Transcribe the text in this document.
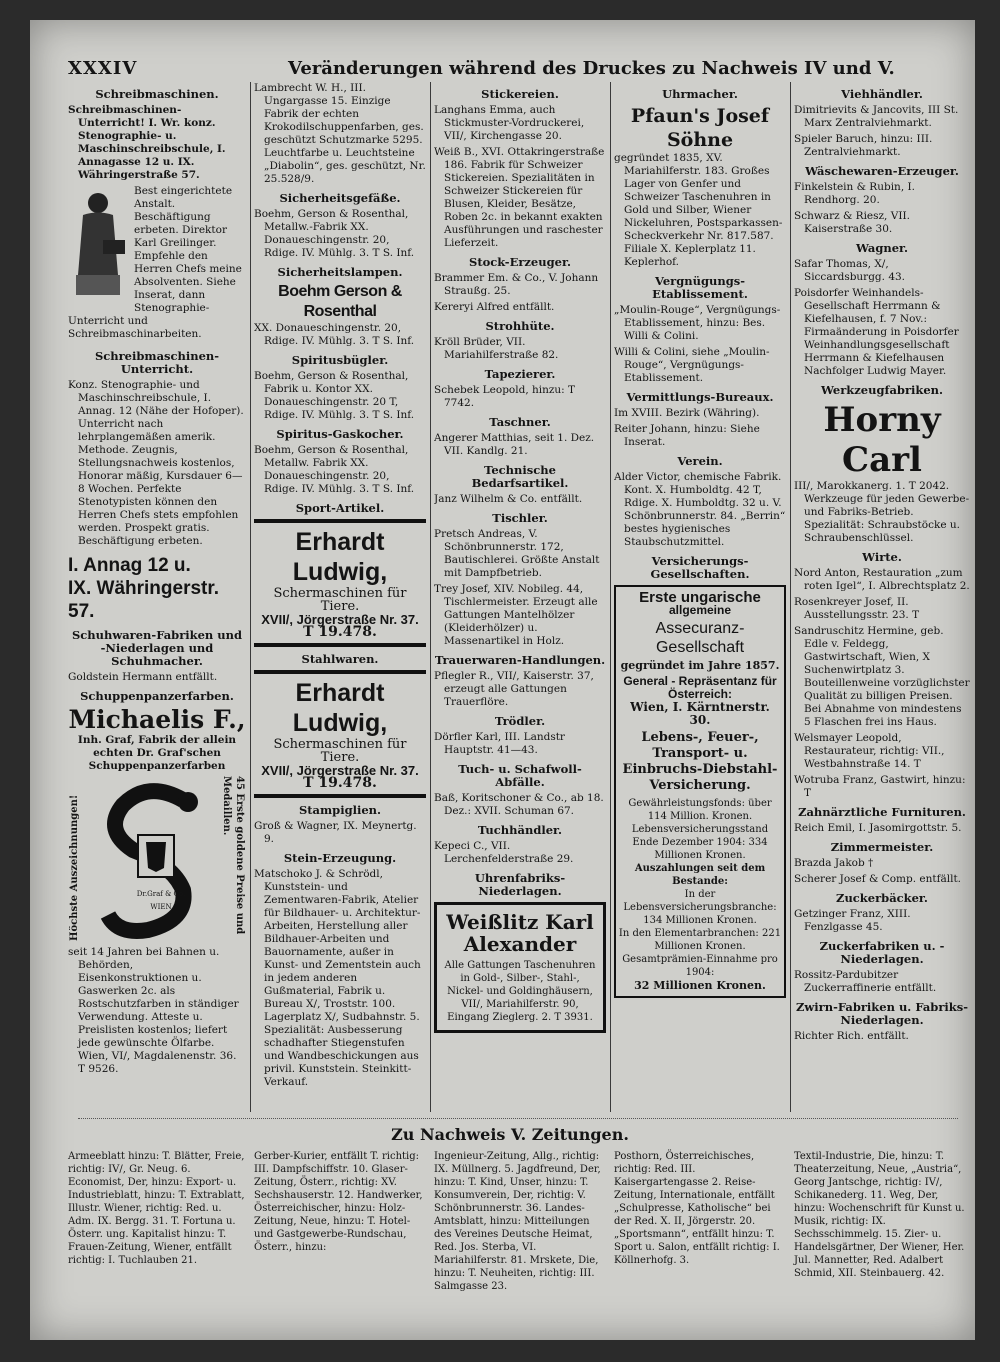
XXXIV	Veränderungen während des Druckes zu Nachweis IV und V.
Schreibmaschinen.
Schreibmaschinen-Unterricht! I. Wr. konz. Stenographie- u. Maschinschreibschule, I. Annagasse 12 u. IX. Währingerstraße 57.
Best eingerichtete Anstalt. Beschäftigung erbeten. Direktor Karl Greilinger. Empfehle den Herren Chefs meine Absolventen. Siehe Inserat, dann Stenographie-Unterricht und Schreibmaschinarbeiten.
Schreibmaschinen-Unterricht.
Konz. Stenographie- und Maschinschreibschule, I. Annag. 12 (Nähe der Hofoper). Unterricht nach lehrplangemäßen amerik. Methode. Zeugnis, Stellungsnachweis kostenlos, Honorar mäßig, Kursdauer 6—8 Wochen. Perfekte Stenotypisten können den Herren Chefs stets empfohlen werden. Prospekt gratis. Beschäftigung erbeten.
I. Annag 12 u.
IX. Währingerstr. 57.
Schuhwaren-Fabriken und -Niederlagen und Schuhmacher.
Goldstein Hermann entfällt.
Schuppenpanzerfarben.
Michaelis F.,
Inh. Graf, Fabrik der allein echten Dr. Graf'schen Schuppenpanzerfarben
Höchste Auszeichnungen!	45 Erste goldene Preise und Medaillen.
Dr.Graf & Co. WIEN
seit 14 Jahren bei Bahnen u. Behörden, Eisenkonstruktionen u. Gaswerken 2c. als Rostschutzfarben in ständiger Verwendung. Atteste u. Preislisten kostenlos; liefert jede gewünschte Ölfarbe. Wien, VI/, Magdalenenstr. 36. T 9526.
Lambrecht W. H., III. Ungargasse 15. Einzige Fabrik der echten Krokodilschuppenfarben, ges. geschützt Schutzmarke 5295. Leuchtfarbe u. Leuchtsteine „Diabolin“, ges. geschützt, Nr. 25.528/9.
Sicherheitsgefäße.
Boehm, Gerson & Rosenthal, Metallw.-Fabrik XX. Donaueschingenstr. 20, Rdige. IV. Mühlg. 3. T S. Inf.
Sicherheitslampen.
Boehm Gerson & Rosenthal
XX. Donaueschingenstr. 20, Rdige. IV. Mühlg. 3. T S. Inf.
Spiritusbügler.
Boehm, Gerson & Rosenthal, Fabrik u. Kontor XX. Donaueschingenstr. 20 T, Rdige. IV. Mühlg. 3. T S. Inf.
Spiritus-Gaskocher.
Boehm, Gerson & Rosenthal, Metallw. Fabrik XX. Donaueschingenstr. 20, Rdige. IV. Mühlg. 3. T S. Inf.
Sport-Artikel.
Erhardt Ludwig,
Schermaschinen für Tiere.
XVII/, Jörgerstraße Nr. 37.
T 19.478.
Stahlwaren.
Erhardt Ludwig,
Schermaschinen für Tiere.
XVII/, Jörgerstraße Nr. 37.
T 19.478.
Stampiglien.
Groß & Wagner, IX. Meynertg. 9.
Stein-Erzeugung.
Matschoko J. & Schrödl, Kunststein- und Zementwaren-Fabrik, Atelier für Bildhauer- u. Architektur-Arbeiten, Herstellung aller Bildhauer-Arbeiten und Bauornamente, außer in Kunst- und Zementstein auch in jedem anderen Gußmaterial, Fabrik u. Bureau X/, Troststr. 100. Lagerplatz X/, Sudbahnstr. 5. Spezialität: Ausbesserung schadhafter Stiegenstufen und Wandbeschickungen aus privil. Kunststein. Steinkitt-Verkauf.
Stickereien.
Langhans Emma, auch Stickmuster-Vordruckerei, VII/, Kirchengasse 20.
Weiß B., XVI. Ottakringerstraße 186. Fabrik für Schweizer Stickereien. Spezialitäten in Schweizer Stickereien für Blusen, Kleider, Besätze, Roben 2c. in bekannt exakten Ausführungen und raschester Lieferzeit.
Stock-Erzeuger.
Brammer Em. & Co., V. Johann Straußg. 25.
Kereryi Alfred entfällt.
Strohhüte.
Kröll Brüder, VII. Mariahilferstraße 82.
Tapezierer.
Schebek Leopold, hinzu: T 7742.
Taschner.
Angerer Matthias, seit 1. Dez. VII. Kandlg. 21.
Technische Bedarfsartikel.
Janz Wilhelm & Co. entfällt.
Tischler.
Pretsch Andreas, V. Schönbrunnerstr. 172, Bautischlerei. Größte Anstalt mit Dampfbetrieb.
Trey Josef, XIV. Nobileg. 44, Tischlermeister. Erzeugt alle Gattungen Mantelhölzer (Kleiderhölzer) u. Massenartikel in Holz.
Trauerwaren-Handlungen.
Pflegler R., VII/, Kaiserstr. 37, erzeugt alle Gattungen Trauerflöre.
Trödler.
Dörfler Karl, III. Landstr Hauptstr. 41—43.
Tuch- u. Schafwoll-Abfälle.
Baß, Koritschoner & Co., ab 18. Dez.: XVII. Schuman 67.
Tuchhändler.
Kepeci C., VII. Lerchenfelderstraße 29.
Uhrenfabriks-Niederlagen.
Weißlitz Karl Alexander
Alle Gattungen Taschenuhren in Gold-, Silber-, Stahl-, Nickel- und Goldinghäusern, VII/, Mariahilferstr. 90, Eingang Zieglerg. 2. T 3931.
Uhrmacher.
Pfaun's Josef Söhne
gegründet 1835, XV. Mariahilferstr. 183. Großes Lager von Genfer und Schweizer Taschenuhren in Gold und Silber, Wiener Nickeluhren, Postsparkassen-Scheckverkehr Nr. 817.587. Filiale X. Keplerplatz 11. Keplerhof.
Vergnügungs-Etablissement.
„Moulin-Rouge“, Vergnügungs-Etablissement, hinzu: Bes. Willi & Colini.
Willi & Colini, siehe „Moulin-Rouge“, Vergnügungs-Etablissement.
Vermittlungs-Bureaux.
Im XVIII. Bezirk (Währing).
Reiter Johann, hinzu: Siehe Inserat.
Verein.
Alder Victor, chemische Fabrik. Kont. X. Humboldtg. 42 T, Rdige. X. Humboldtg. 32 u. V. Schönbrunnerstr. 84. „Berrin“ bestes hygienisches Staubschutzmittel.
Versicherungs-Gesellschaften.
Erste ungarische
allgemeine
Assecuranz-Gesellschaft
gegründet im Jahre 1857.
General - Repräsentanz für Österreich:
Wien, I. Kärntnerstr. 30.
Lebens-, Feuer-, Transport- u. Einbruchs-Diebstahl-Versicherung.
Gewährleistungsfonds: über 114 Million. Kronen.
Lebensversicherungsstand Ende Dezember 1904: 334 Millionen Kronen.
Auszahlungen seit dem Bestande:
In der Lebensversicherungsbranche: 134 Millionen Kronen.
In den Elementarbranchen: 221 Millionen Kronen.
Gesamtprämien-Einnahme pro 1904:
32 Millionen Kronen.
Viehhändler.
Dimitrievits & Jancovits, III St. Marx Zentralviehmarkt.
Spieler Baruch, hinzu: III. Zentralviehmarkt.
Wäschewaren-Erzeuger.
Finkelstein & Rubin, I. Rendhorg. 20.
Schwarz & Riesz, VII. Kaiserstraße 30.
Wagner.
Safar Thomas, X/, Siccardsburgg. 43.
Poisdorfer Weinhandels-Gesellschaft Herrmann & Kiefelhausen, f. 7 Nov.: Firmaänderung in Poisdorfer Weinhandlungsgesellschaft Herrmann & Kiefelhausen Nachfolger Ludwig Mayer.
Werkzeugfabriken.
Horny Carl
III/, Marokkanerg. 1. T 2042. Werkzeuge für jeden Gewerbe- und Fabriks-Betrieb. Spezialität: Schraubstöcke u. Schraubenschlüssel.
Wirte.
Nord Anton, Restauration „zum roten Igel“, I. Albrechtsplatz 2.
Rosenkreyer Josef, II. Ausstellungsstr. 23. T
Sandruschitz Hermine, geb. Edle v. Feldegg, Gastwirtschaft, Wien, X Suchenwirtplatz 3. Bouteillenweine vorzüglichster Qualität zu billigen Preisen. Bei Abnahme von mindestens 5 Flaschen frei ins Haus.
Welsmayer Leopold, Restaurateur, richtig: VII., Westbahnstraße 14. T
Wotruba Franz, Gastwirt, hinzu: T
Zahnärztliche Furnituren.
Reich Emil, I. Jasomirgottstr. 5.
Zimmermeister.
Brazda Jakob †
Scherer Josef & Comp. entfällt.
Zuckerbäcker.
Getzinger Franz, XIII. Fenzlgasse 45.
Zuckerfabriken u. -Niederlagen.
Rossitz-Pardubitzer Zuckerraffinerie entfällt.
Zwirn-Fabriken u. Fabriks-Niederlagen.
Richter Rich. entfällt.
Zu Nachweis V. Zeitungen.
Armeeblatt hinzu: T. Blätter, Freie, richtig: IV/, Gr. Neug. 6. Economist, Der, hinzu: Export- u. Industrieblatt, hinzu: T. Extrablatt, Illustr. Wiener, richtig: Red. u. Adm. IX. Bergg. 31. T. Fortuna u. Österr. ung. Kapitalist hinzu: T. Frauen-Zeitung, Wiener, entfällt richtig: I. Tuchlauben 21.
Gerber-Kurier, entfällt T. richtig: III. Dampfschiffstr. 10. Glaser-Zeitung, Österr., richtig: XV. Sechshauserstr. 12. Handwerker, Österreichischer, hinzu: Holz-Zeitung, Neue, hinzu: T. Hotel- und Gastgewerbe-Rundschau, Österr., hinzu:
Ingenieur-Zeitung, Allg., richtig: IX. Müllnerg. 5. Jagdfreund, Der, hinzu: T. Kind, Unser, hinzu: T. Konsumverein, Der, richtig: V. Schönbrunnerstr. 36. Landes-Amtsblatt, hinzu: Mitteilungen des Vereines Deutsche Heimat, Red. Jos. Sterba, VI. Mariahilferstr. 81. Mrskete, Die, hinzu: T. Neuheiten, richtig: III. Salmgasse 23.
Posthorn, Österreichisches, richtig: Red. III. Kaisergartengasse 2. Reise-Zeitung, Internationale, entfällt „Schulpresse, Katholische“ bei der Red. X. II, Jörgerstr. 20. „Sportsmann“, entfällt hinzu: T. Sport u. Salon, entfällt richtig: I. Köllnerhofg. 3.
Textil-Industrie, Die, hinzu: T. Theaterzeitung, Neue, „Austria“, Georg Jantschge, richtig: IV/, Schikanederg. 11. Weg, Der, hinzu: Wochenschrift für Kunst u. Musik, richtig: IX. Sechsschimmelg. 15. Zier- u. Handelsgärtner, Der Wiener, Her. Jul. Mannetter, Red. Adalbert Schmid, XII. Steinbauerg. 42.
